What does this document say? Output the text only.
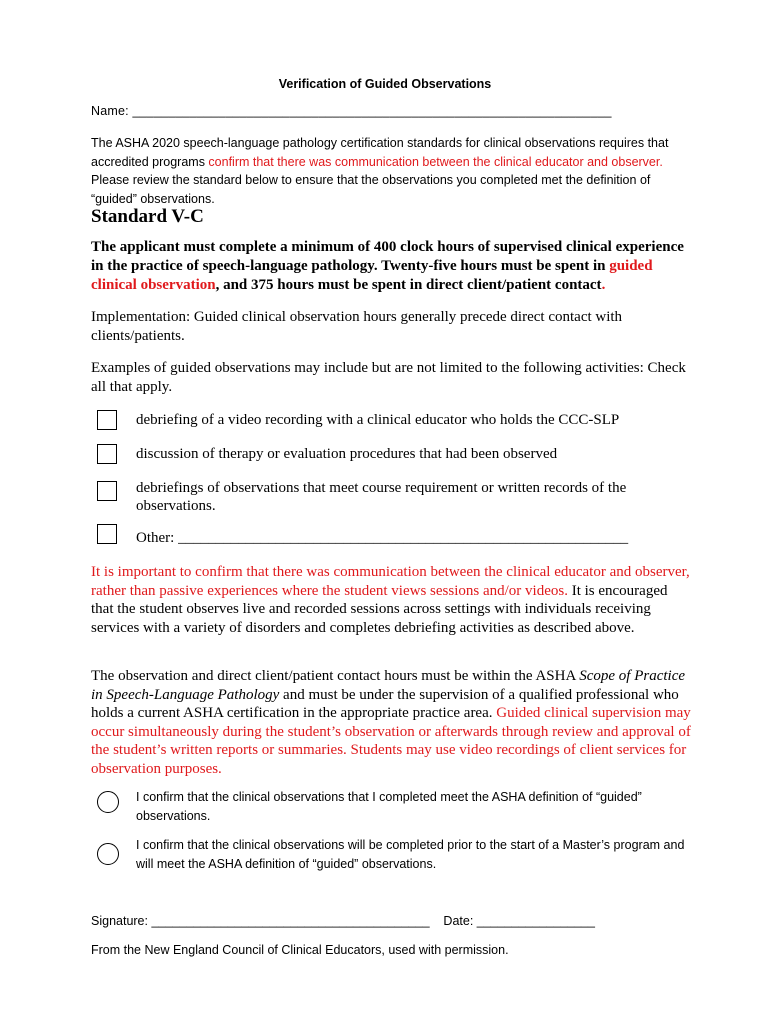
Verification of Guided Observations
Name: ___________________________________________________________________
The ASHA 2020 speech-language pathology certification standards for clinical observations requires that accredited programs confirm that there was communication between the clinical educator and observer. Please review the standard below to ensure that the observations you completed met the definition of “guided” observations.
Standard V-C
The applicant must complete a minimum of 400 clock hours of supervised clinical experience in the practice of speech-language pathology. Twenty-five hours must be spent in guided clinical observation, and 375 hours must be spent in direct client/patient contact.
Implementation: Guided clinical observation hours generally precede direct contact with clients/patients.
Examples of guided observations may include but are not limited to the following activities: Check all that apply.
debriefing of a video recording with a clinical educator who holds the CCC-SLP
discussion of therapy or evaluation procedures that had been observed
debriefings of observations that meet course requirement or written records of the observations.
Other: ____________________________________________________________
It is important to confirm that there was communication between the clinical educator and observer, rather than passive experiences where the student views sessions and/or videos. It is encouraged that the student observes live and recorded sessions across settings with individuals receiving services with a variety of disorders and completes debriefing activities as described above.
The observation and direct client/patient contact hours must be within the ASHA Scope of Practice in Speech-Language Pathology and must be under the supervision of a qualified professional who holds a current ASHA certification in the appropriate practice area. Guided clinical supervision may occur simultaneously during the student’s observation or afterwards through review and approval of the student’s written reports or summaries. Students may use video recordings of client services for observation purposes.
I confirm that the clinical observations that I completed meet the ASHA definition of “guided” observations.
I confirm that the clinical observations will be completed prior to the start of a Master’s program and will meet the ASHA definition of “guided” observations.
Signature: ________________________________________    Date: _________________
From the New England Council of Clinical Educators, used with permission.
